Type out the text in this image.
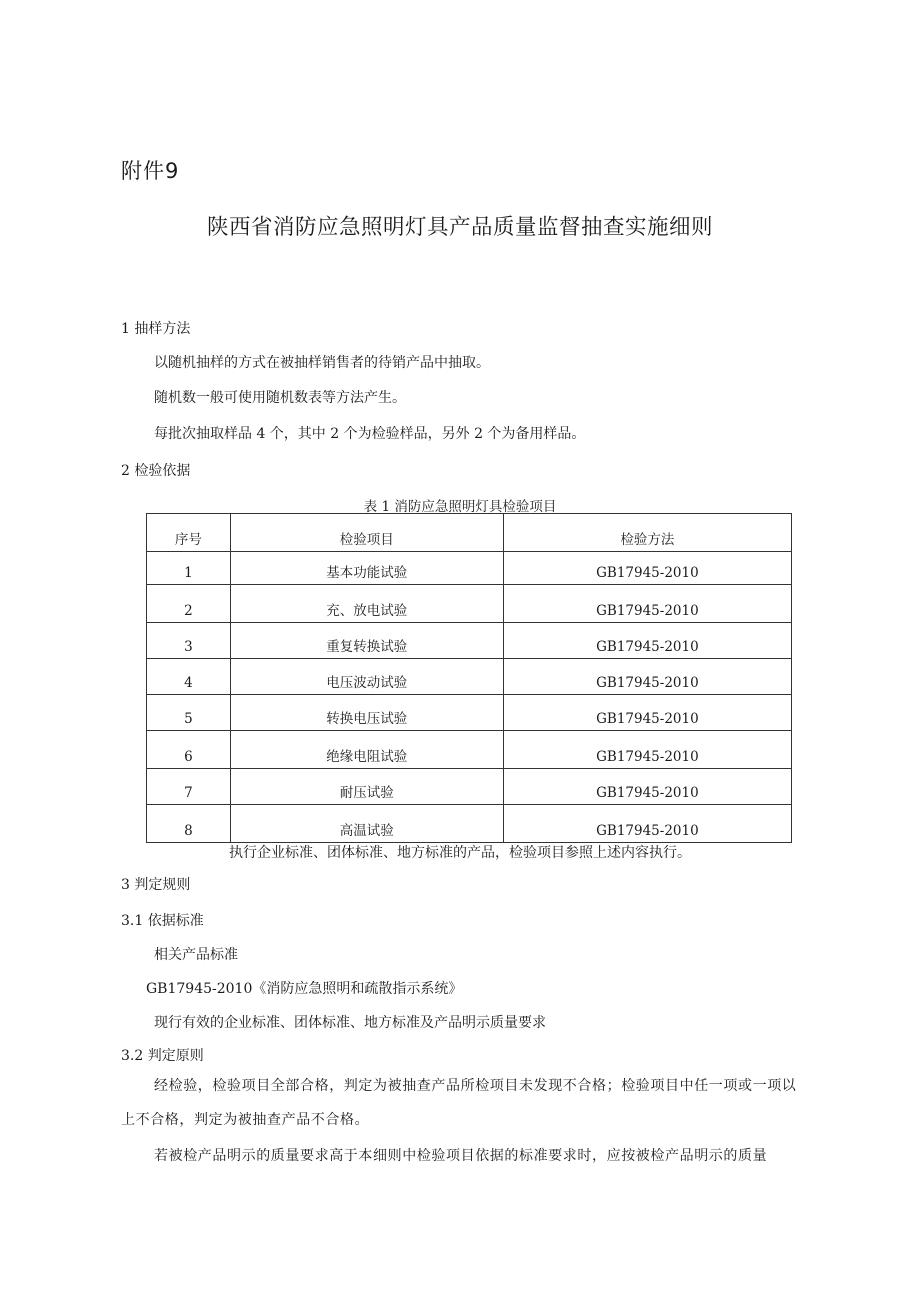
附件9
陕西省消防应急照明灯具产品质量监督抽查实施细则
1 抽样方法
以随机抽样的方式在被抽样销售者的待销产品中抽取。
随机数一般可使用随机数表等方法产生。
每批次抽取样品 4 个，其中 2 个为检验样品，另外 2 个为备用样品。
2 检验依据
表 1 消防应急照明灯具检验项目
序号	检验项目	检验方法
1	基本功能试验	GB17945-2010
2	充、放电试验	GB17945-2010
3	重复转换试验	GB17945-2010
4	电压波动试验	GB17945-2010
5	转换电压试验	GB17945-2010
6	绝缘电阻试验	GB17945-2010
7	耐压试验	GB17945-2010
8	高温试验	GB17945-2010
执行企业标准、团体标准、地方标准的产品，检验项目参照上述内容执行。
3 判定规则
3.1 依据标准
相关产品标准
GB17945-2010《消防应急照明和疏散指示系统》
现行有效的企业标准、团体标准、地方标准及产品明示质量要求
3.2 判定原则
经检验，检验项目全部合格，判定为被抽查产品所检项目未发现不合格；检验项目中任一项或一项以上不合格，判定为被抽查产品不合格。
若被检产品明示的质量要求高于本细则中检验项目依据的标准要求时，应按被检产品明示的质量
